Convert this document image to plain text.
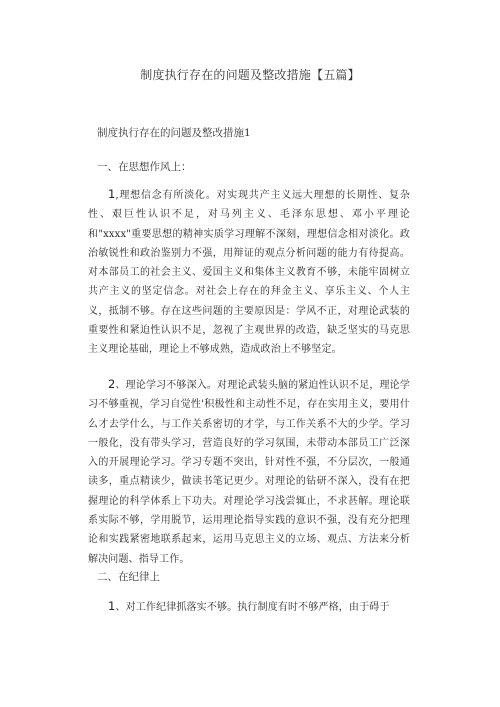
制度执行存在的问题及整改措施【五篇】
制度执行存在的问题及整改措施1
一、在思想作风上：
1,理想信念有所淡化。对实现共产主义远大理想的长期性、复杂性、艰巨性认识不足，对马列主义、毛泽东思想、邓小平理论和"xxxx"重要思想的精神实质学习理解不深刻，理想信念相对淡化。政治敏锐性和政治鉴别力不强，用辩证的观点分析问题的能力有待提高。对本部员工的社会主义、爱国主义和集体主义教育不够，未能牢固树立共产主义的坚定信念。对社会上存在的拜金主义、享乐主义、个人主义，抵制不够。存在这些问题的主要原因是：学风不正，对理论武装的重要性和紧迫性认识不足，忽视了主观世界的改造，缺乏坚实的马克思主义理论基础，理论上不够成熟，造成政治上不够坚定。
2、理论学习不够深入。对理论武装头脑的紧迫性认识不足，理论学习不够重视，学习自觉性'积极性和主动性不足，存在实用主义，要用什么才去学什么，与工作关系密切的才学，与工作关系不大的少学。学习一般化，没有带头学习，营造良好的学习氛围，未带动本部员工广泛深入的开展理论学习。学习专题不突出，针对性不强，不分层次，一般通读多，重点精读少，做读书笔记更少。对理论的钻研不深入，没有在把握理论的科学体系上下功夫。对理论学习浅尝辄止，不求甚解。理论联系实际不够，学用脱节，运用理论指导实践的意识不强，没有充分把理论和实践紧密地联系起来，运用马克思主义的立场、观点、方法来分析解决问题、指导工作。
二、在纪律上
1、对工作纪律抓落实不够。执行制度有时不够严格，由于碍于
